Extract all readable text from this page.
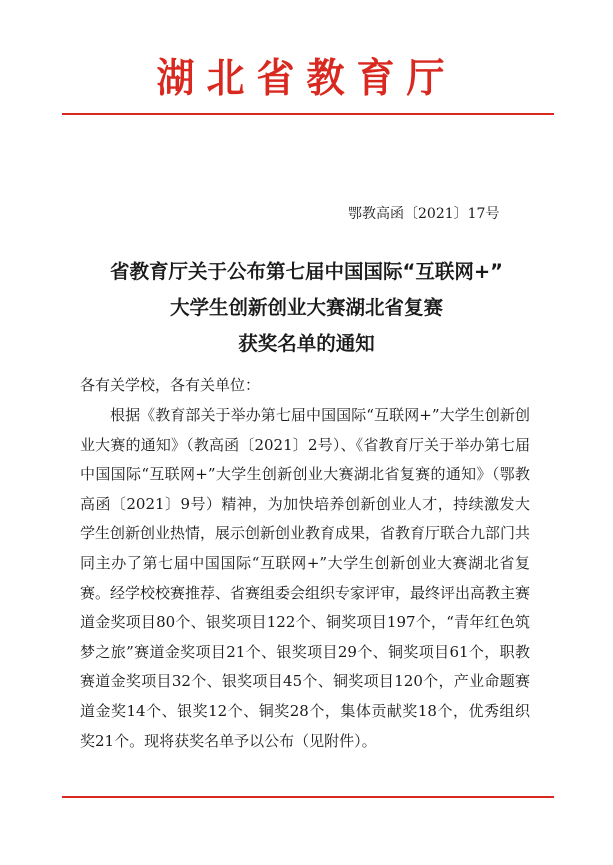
湖北省教育厅
鄂教高函〔2021〕17号
省教育厅关于公布第七届中国国际“互联网+”
大学生创新创业大赛湖北省复赛
获奖名单的通知
各有关学校，各有关单位：

根据《教育部关于举办第七届中国国际“互联网+”大学生创新创业大赛的通知》（教高函〔2021〕2号）、《省教育厅关于举办第七届中国国际“互联网+”大学生创新创业大赛湖北省复赛的通知》（鄂教高函〔2021〕9号）精神，为加快培养创新创业人才，持续激发大学生创新创业热情，展示创新创业教育成果，省教育厅联合九部门共同主办了第七届中国国际“互联网+”大学生创新创业大赛湖北省复赛。经学校校赛推荐、省赛组委会组织专家评审，最终评出高教主赛道金奖项目80个、银奖项目122个、铜奖项目197个，“青年红色筑梦之旅”赛道金奖项目21个、银奖项目29个、铜奖项目61个，职教赛道金奖项目32个、银奖项目45个、铜奖项目120个，产业命题赛道金奖14个、银奖12个、铜奖28个，集体贡献奖18个，优秀组织奖21个。现将获奖名单予以公布（见附件）。
